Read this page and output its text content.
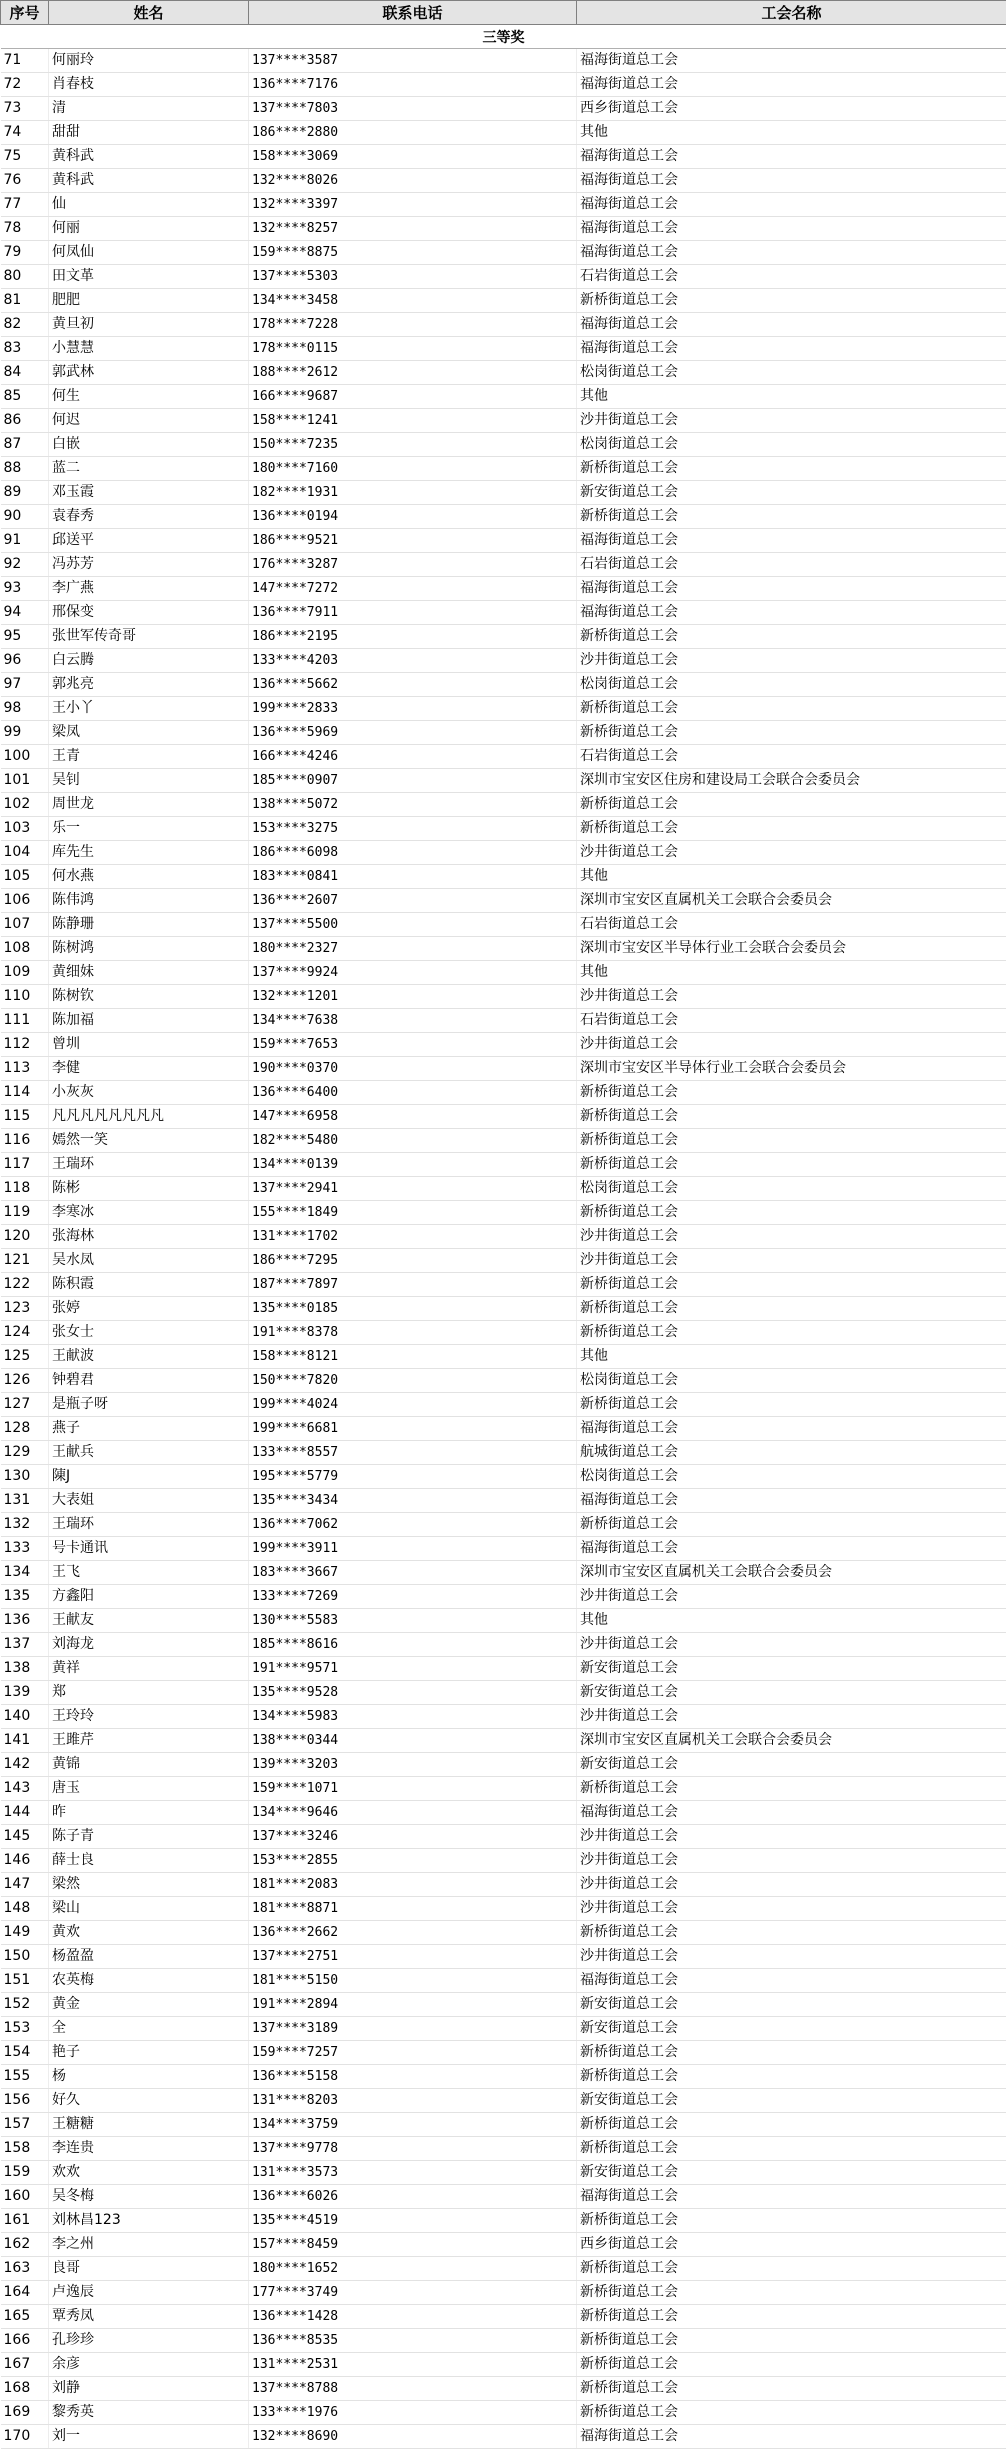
序号	姓名	联系电话	工会名称
三等奖			
71	何丽玲	137****3587	福海街道总工会
72	肖春枝	136****7176	福海街道总工会
73	清	137****7803	西乡街道总工会
74	甜甜	186****2880	其他
75	黄科武	158****3069	福海街道总工会
76	黄科武	132****8026	福海街道总工会
77	仙	132****3397	福海街道总工会
78	何丽	132****8257	福海街道总工会
79	何凤仙	159****8875	福海街道总工会
80	田文革	137****5303	石岩街道总工会
81	肥肥	134****3458	新桥街道总工会
82	黄旦初	178****7228	福海街道总工会
83	小慧慧	178****0115	福海街道总工会
84	郭武林	188****2612	松岗街道总工会
85	何生	166****9687	其他
86	何迟	158****1241	沙井街道总工会
87	白嵌	150****7235	松岗街道总工会
88	蓝二	180****7160	新桥街道总工会
89	邓玉霞	182****1931	新安街道总工会
90	袁春秀	136****0194	新桥街道总工会
91	邱送平	186****9521	福海街道总工会
92	冯苏芳	176****3287	石岩街道总工会
93	李广燕	147****7272	福海街道总工会
94	邢保变	136****7911	福海街道总工会
95	张世军传奇哥	186****2195	新桥街道总工会
96	白云腾	133****4203	沙井街道总工会
97	郭兆亮	136****5662	松岗街道总工会
98	王小丫	199****2833	新桥街道总工会
99	梁凤	136****5969	新桥街道总工会
100	王青	166****4246	石岩街道总工会
101	吴钊	185****0907	深圳市宝安区住房和建设局工会联合会委员会
102	周世龙	138****5072	新桥街道总工会
103	乐一	153****3275	新桥街道总工会
104	库先生	186****6098	沙井街道总工会
105	何水燕	183****0841	其他
106	陈伟鸿	136****2607	深圳市宝安区直属机关工会联合会委员会
107	陈静珊	137****5500	石岩街道总工会
108	陈树鸿	180****2327	深圳市宝安区半导体行业工会联合会委员会
109	黄细妹	137****9924	其他
110	陈树钦	132****1201	沙井街道总工会
111	陈加福	134****7638	石岩街道总工会
112	曾圳	159****7653	沙井街道总工会
113	李健	190****0370	深圳市宝安区半导体行业工会联合会委员会
114	小灰灰	136****6400	新桥街道总工会
115	凡凡凡凡凡凡凡凡	147****6958	新桥街道总工会
116	嫣然一笑	182****5480	新桥街道总工会
117	王瑞环	134****0139	新桥街道总工会
118	陈彬	137****2941	松岗街道总工会
119	李寒冰	155****1849	新桥街道总工会
120	张海林	131****1702	沙井街道总工会
121	吴水凤	186****7295	沙井街道总工会
122	陈积霞	187****7897	新桥街道总工会
123	张婷	135****0185	新桥街道总工会
124	张女士	191****8378	新桥街道总工会
125	王献波	158****8121	其他
126	钟碧君	150****7820	松岗街道总工会
127	是瓶子呀	199****4024	新桥街道总工会
128	燕子	199****6681	福海街道总工会
129	王献兵	133****8557	航城街道总工会
130	陳J	195****5779	松岗街道总工会
131	大表姐	135****3434	福海街道总工会
132	王瑞环	136****7062	新桥街道总工会
133	号卡通讯	199****3911	福海街道总工会
134	王飞	183****3667	深圳市宝安区直属机关工会联合会委员会
135	方鑫阳	133****7269	沙井街道总工会
136	王献友	130****5583	其他
137	刘海龙	185****8616	沙井街道总工会
138	黄祥	191****9571	新安街道总工会
139	郑	135****9528	新安街道总工会
140	王玲玲	134****5983	沙井街道总工会
141	王雎芹	138****0344	深圳市宝安区直属机关工会联合会委员会
142	黄锦	139****3203	新安街道总工会
143	唐玉	159****1071	新桥街道总工会
144	昨	134****9646	福海街道总工会
145	陈子青	137****3246	沙井街道总工会
146	薛士良	153****2855	沙井街道总工会
147	梁然	181****2083	沙井街道总工会
148	梁山	181****8871	沙井街道总工会
149	黄欢	136****2662	新桥街道总工会
150	杨盈盈	137****2751	沙井街道总工会
151	农英梅	181****5150	福海街道总工会
152	黄金	191****2894	新安街道总工会
153	全	137****3189	新安街道总工会
154	艳子	159****7257	新桥街道总工会
155	杨	136****5158	新桥街道总工会
156	好久	131****8203	新安街道总工会
157	王糖糖	134****3759	新桥街道总工会
158	李连贵	137****9778	新桥街道总工会
159	欢欢	131****3573	新安街道总工会
160	吴冬梅	136****6026	福海街道总工会
161	刘林昌123	135****4519	新桥街道总工会
162	李之州	157****8459	西乡街道总工会
163	良哥	180****1652	新桥街道总工会
164	卢逸辰	177****3749	新桥街道总工会
165	覃秀凤	136****1428	新桥街道总工会
166	孔珍珍	136****8535	新桥街道总工会
167	余彦	131****2531	新桥街道总工会
168	刘静	137****8788	新桥街道总工会
169	黎秀英	133****1976	新桥街道总工会
170	刘一	132****8690	福海街道总工会
